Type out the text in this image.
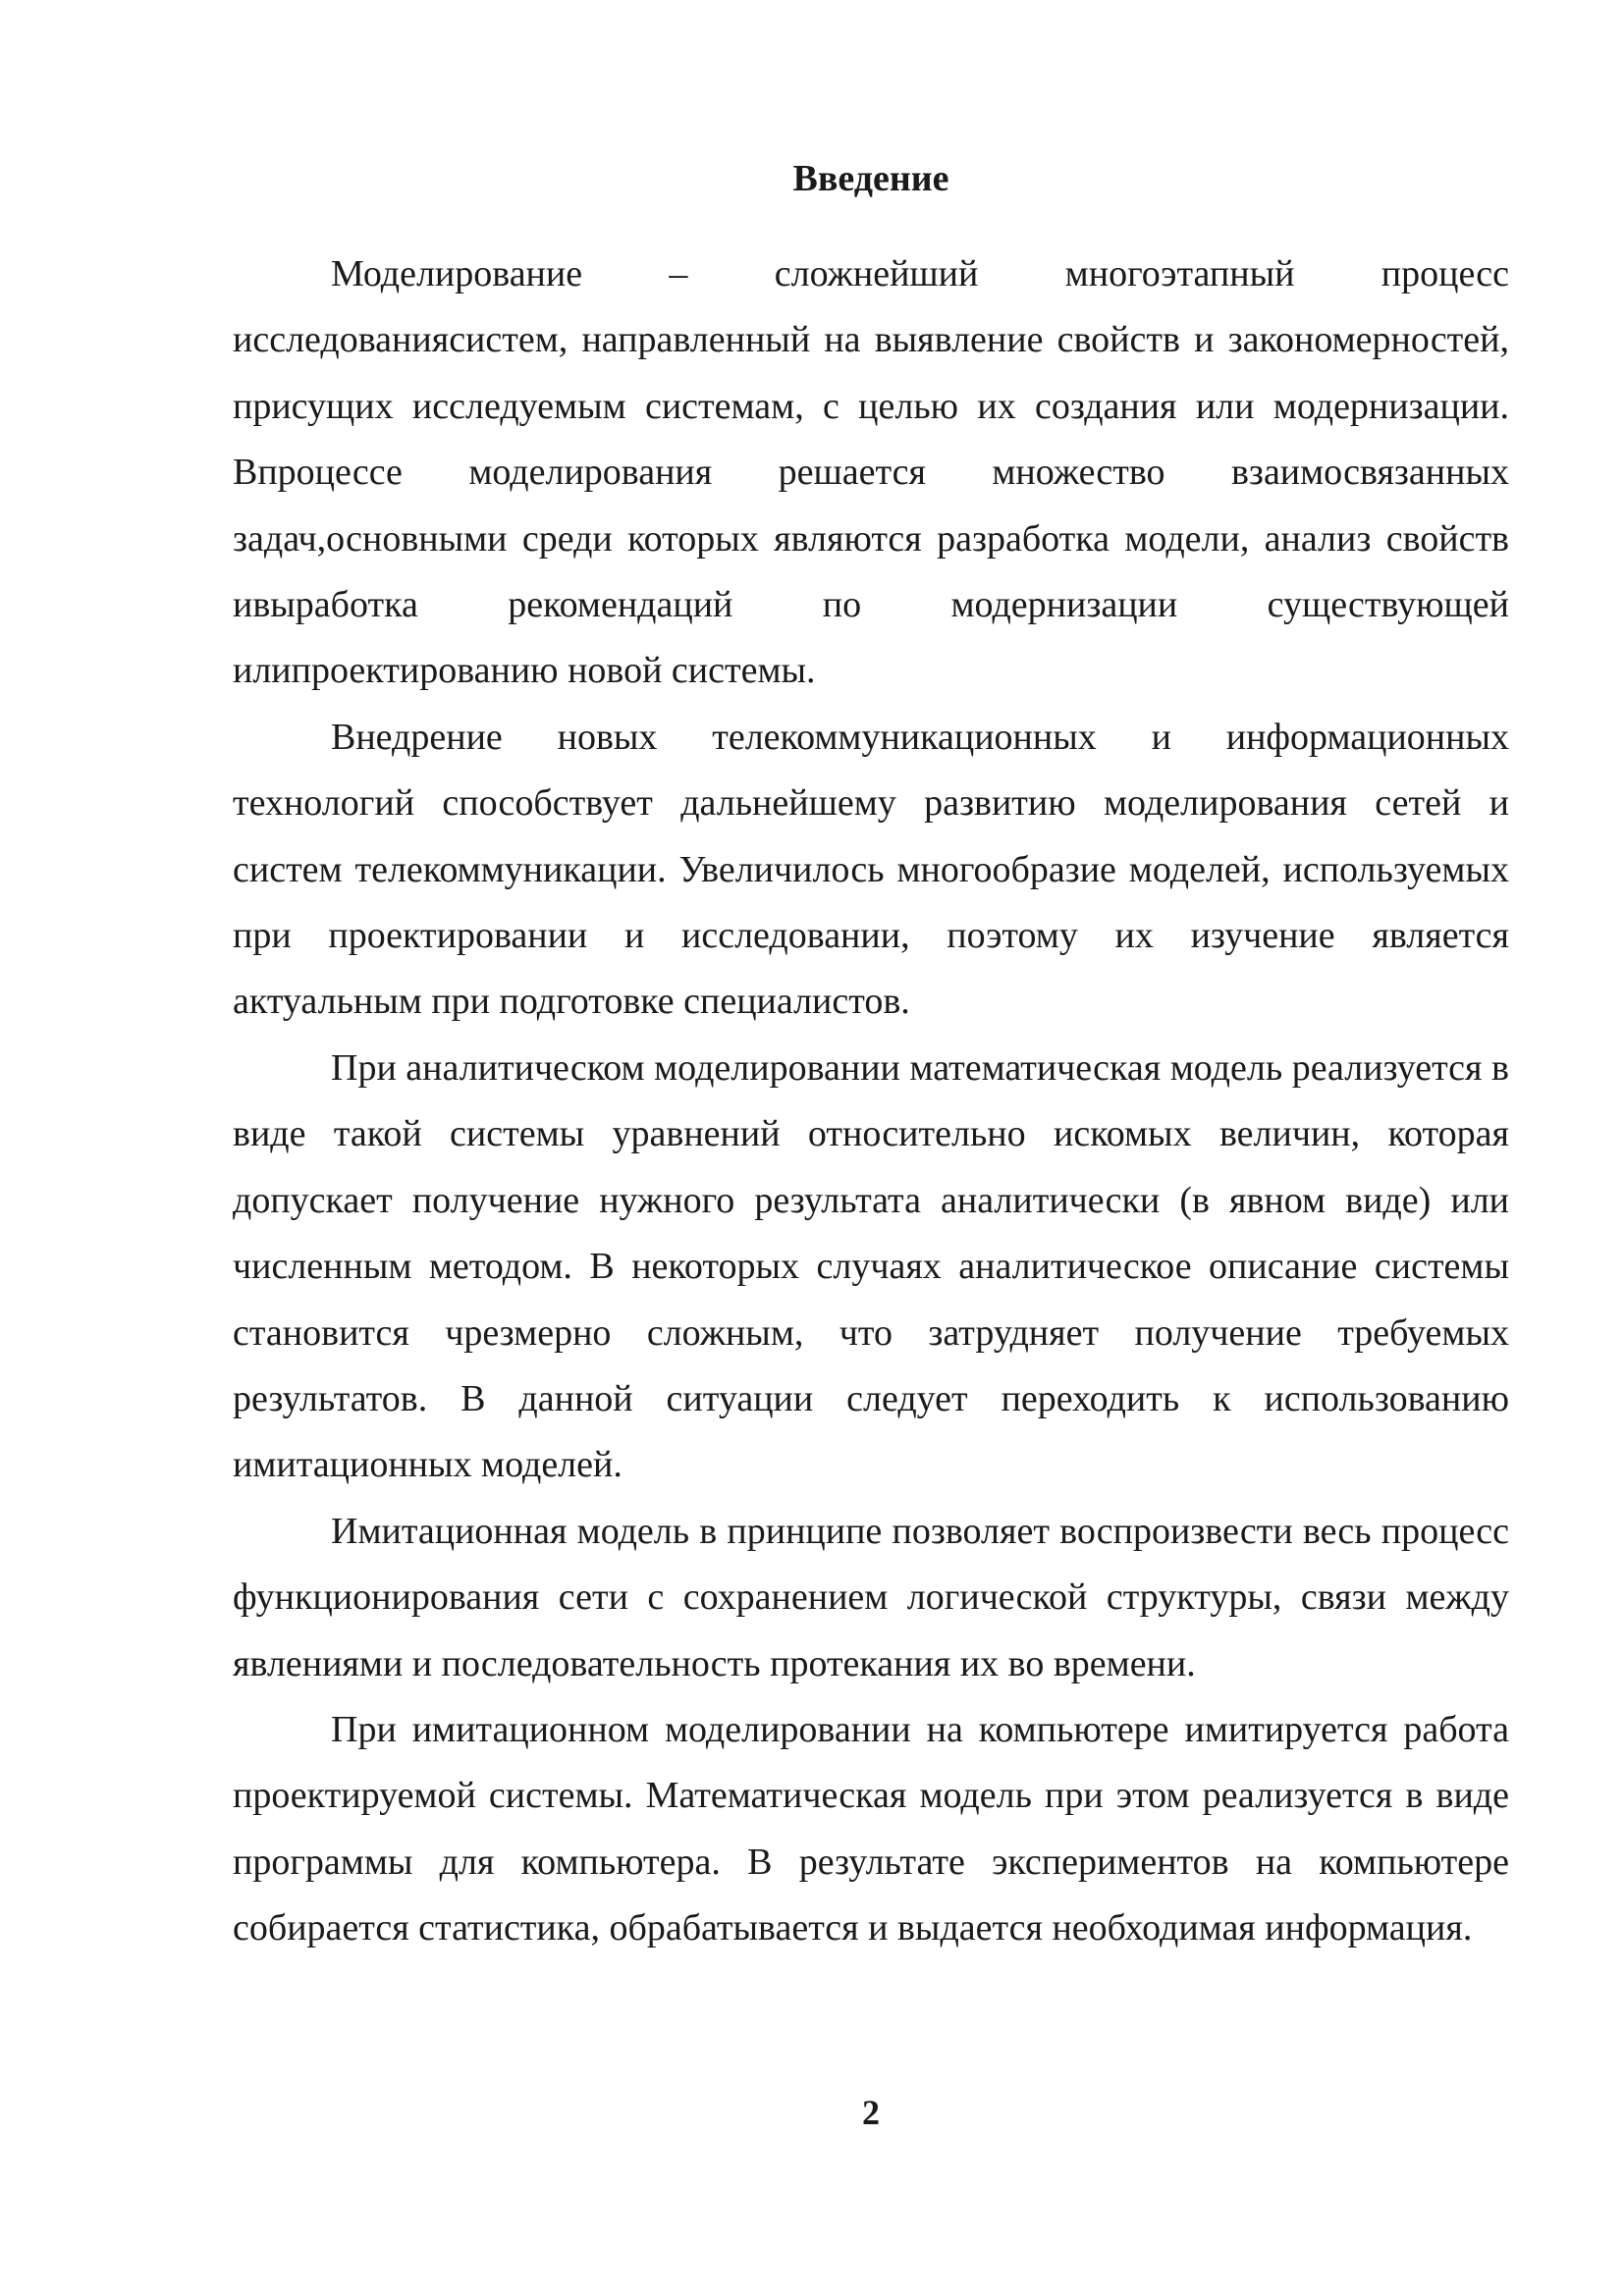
Введение

Моделирование – сложнейший многоэтапный процесс исследованиясистем, направленный на выявление свойств и закономерностей, присущих исследуемым системам, с целью их создания или модернизации. Впроцессе моделирования решается множество взаимосвязанных задач,основными среди которых являются разработка модели, анализ свойств ивыработка рекомендаций по модернизации существующей илипроектированию новой системы.

Внедрение новых телекоммуникационных и информационных технологий способствует дальнейшему развитию моделирования сетей и систем телекоммуникации. Увеличилось многообразие моделей, используемых при проектировании и исследовании, поэтому их изучение является актуальным при подготовке специалистов.

При аналитическом моделировании математическая модель реализуется в виде такой системы уравнений относительно искомых величин, которая допускает получение нужного результата аналитически (в явном виде) или численным методом. В некоторых случаях аналитическое описание системы становится чрезмерно сложным, что затрудняет получение требуемых результатов. В данной ситуации следует переходить к использованию имитационных моделей.

Имитационная модель в принципе позволяет воспроизвести весь процесс функционирования сети с сохранением логической структуры, связи между явлениями и последовательность протекания их во времени.

При имитационном моделировании на компьютере имитируется работа проектируемой системы. Математическая модель при этом реализуется в виде программы для компьютера. В результате экспериментов на компьютере собирается статистика, обрабатывается и выдается необходимая информация.

2
